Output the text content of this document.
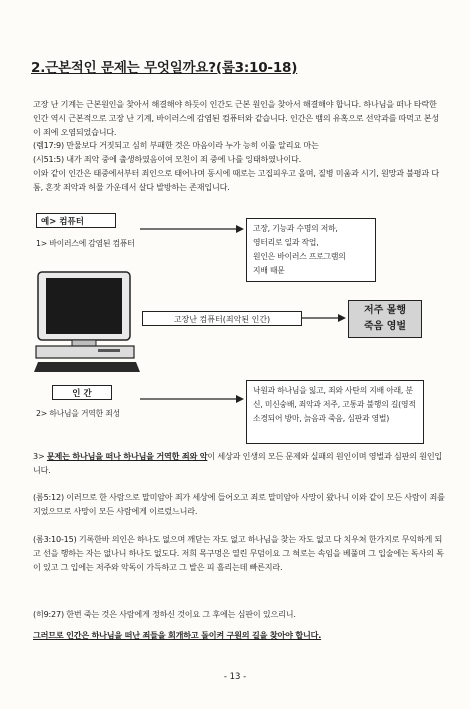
2.근본적인 문제는 무엇일까요?(롬3:10-18)
고장 난 기계는 근본원인을 찾아서 해결해야 하듯이 인간도 근본 원인을 찾아서 해결해야 합니다. 하나님을 떠나 타락한 인간 역시 근본적으로 고장 난 기계, 바이러스에 감염된 컴퓨터와 같습니다. 인간은 뱀의 유혹으로 선악과를 따먹고 본성이 죄에 오염되었습니다.
(렘17:9) 만물보다 거짓되고 심히 부패한 것은 마음이라 누가 능히 이를 알리요 마는
(시51:5) 내가 죄악 중에 출생하였음이여 모친이 죄 중에 나를 잉태하였나이다.
이와 같이 인간은 태중에서부터 죄인으로 태어나며 동시에 때로는 고집피우고 올며, 질병 미움과 시기, 원망과 불평과 다툼, 혼잣 죄악과 허물 가운데서 살다 발방하는 존재입니다.
예> 컴퓨터
1> 바이러스에 감염된 컴퓨터
고장, 기능과 수명의 저하,
영터리로 일과 작업,
원인은 바이러스 프로그램의
지배 때문
고장난 컴퓨터(죄악된 인간)
저주 몰행
죽음 영벌
인 간
2> 하나님을 거역한 죄성
낙원과 하나님을 잃고, 죄와 사탄의 지배 아래, 분신, 미신숭배, 죄악과 저주, 고통과 불행의 길(영적 소경되어 방마, 늙음과 죽음, 심판과 영벌)
3> 문제는 하나님을 떠나 하나님을 거역한 죄와 악이 세상과 인생의 모든 문제와 실패의 원인이며 영벌과 심판의 원인입니다.
(롬5:12) 이러므로 한 사람으로 말미암아 죄가 세상에 들어오고 죄로 말미암아 사망이 왔나니 이와 같이 모든 사람이 죄를 지었으므로 사망이 모든 사람에게 이르렀느니라.
(롬3:10-15) 기록한바 의인은 하나도 없으며 깨닫는 자도 없고 하나님을 찾는 자도 없고 다 치우쳐 한가지로 무익하게 되고 선을 행하는 자는 없나니 하나도 없도다. 저희 목구멍은 열린 무덤이요 그 혀로는 속임을 베풀며 그 입술에는 독사의 독이 있고 그 입에는 저주와 악독이 가득하고 그 발은 피 흘리는데 빠른지라.
(히9:27) 한번 죽는 것은 사람에게 정하신 것이요 그 후에는 심판이 있으리니.
그러므로 인간은 하나님을 떠난 죄들을 회개하고 돌이켜 구원의 길을 찾아야 합니다.
- 13 -
